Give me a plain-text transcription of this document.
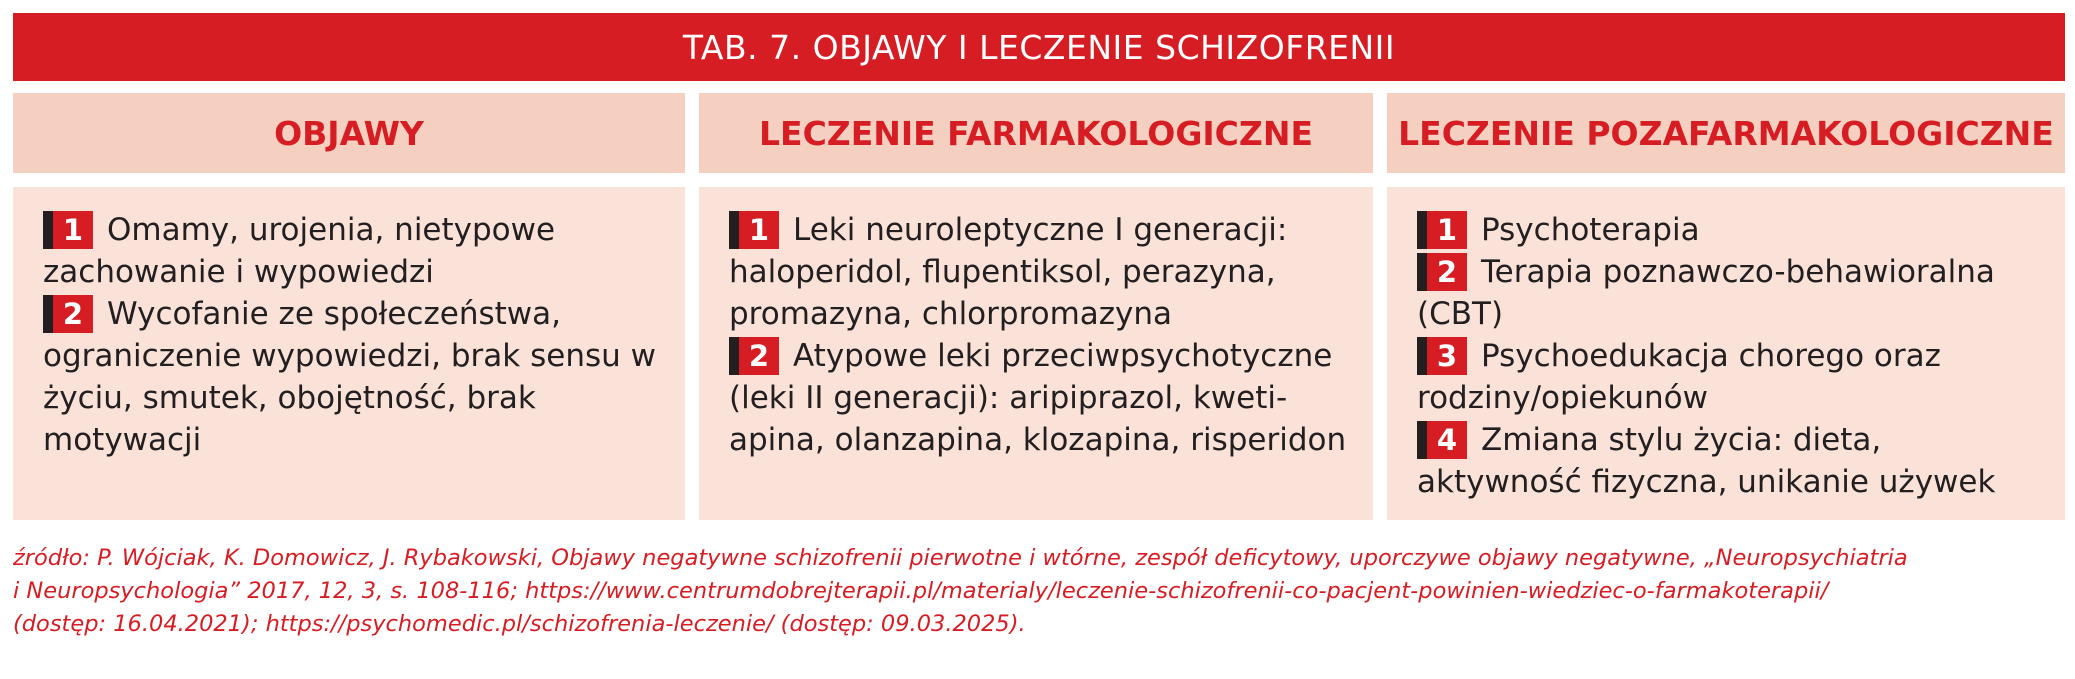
TAB. 7. OBJAWY I LECZENIE SCHIZOFRENII
OBJAWY	LECZENIE FARMAKOLOGICZNE	LECZENIE POZAFARMAKOLOGICZNE
1 Omamy, urojenia, nietypowe zachowanie i wypowiedzi
2 Wycofanie ze społeczeństwa, ograniczenie wypowiedzi, brak sensu w życiu, smutek, obojętność, brak motywacji
1 Leki neuroleptyczne I generacji: haloperidol, flupentiksol, perazyna, promazyna, chlorpromazyna
2 Atypowe leki przeciwpsychotyczne (leki II generacji): aripiprazol, kweti-apina, olanzapina, klozapina, risperidon
1 Psychoterapia
2 Terapia poznawczo-behawioralna (CBT)
3 Psychoedukacja chorego oraz rodziny/opiekunów
4 Zmiana stylu życia: dieta, aktywność fizyczna, unikanie używek
źródło: P. Wójciak, K. Domowicz, J. Rybakowski, Objawy negatywne schizofrenii pierwotne i wtórne, zespół deficytowy, uporczywe objawy negatywne, „Neuropsychiatria
i Neuropsychologia” 2017, 12, 3, s. 108-116; https://www.centrumdobrejterapii.pl/materialy/leczenie-schizofrenii-co-pacjent-powinien-wiedziec-o-farmakoterapii/
(dostęp: 16.04.2021); https://psychomedic.pl/schizofrenia-leczenie/ (dostęp: 09.03.2025).
